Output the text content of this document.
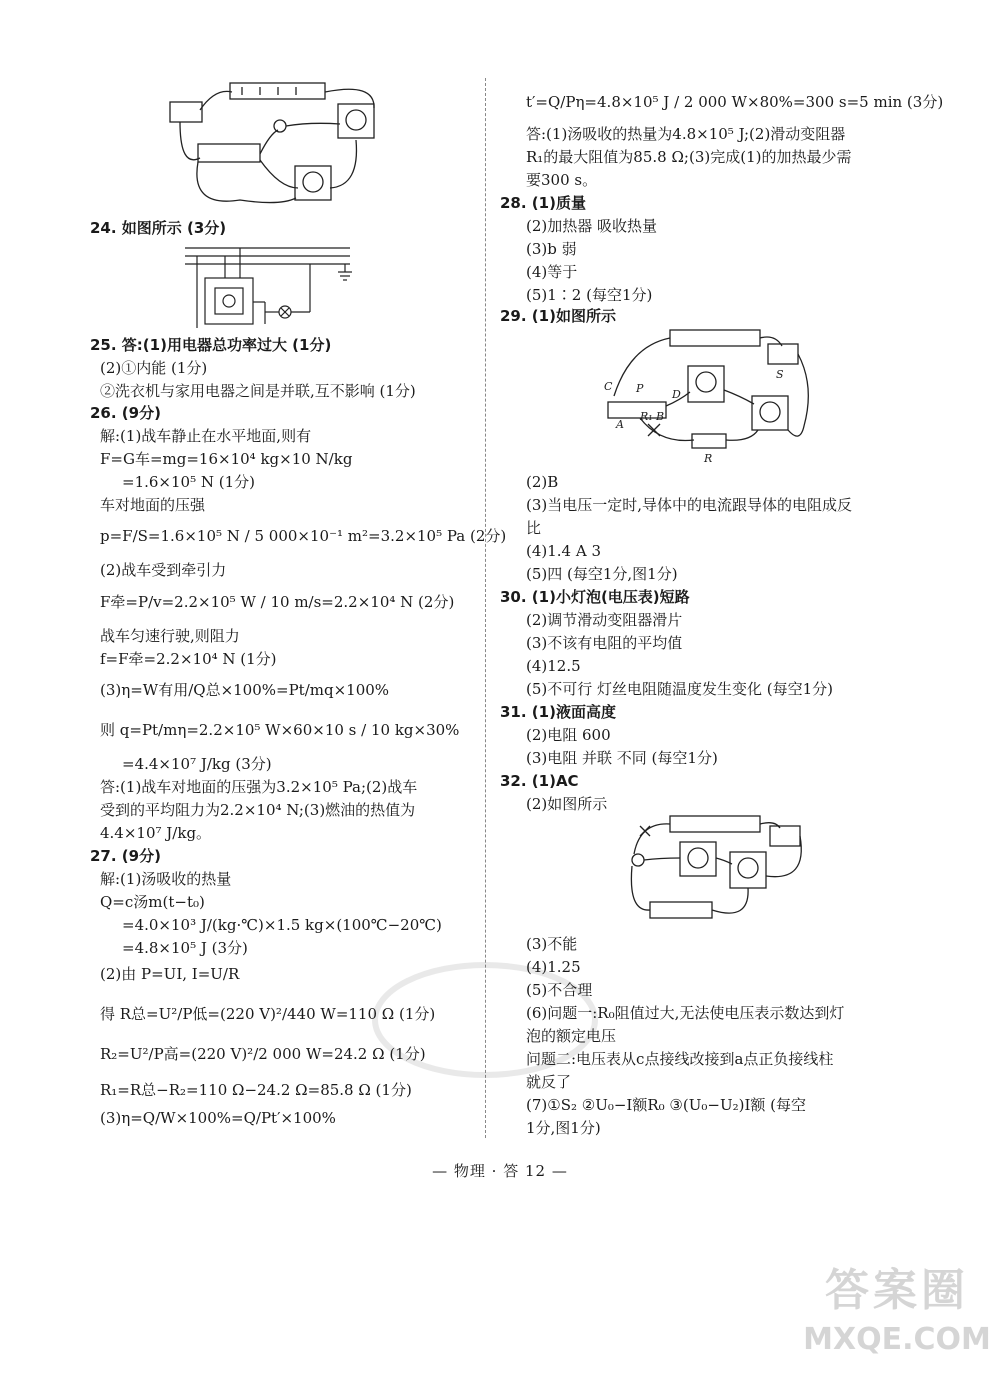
24. 如图所示 (3分)
25. 答:(1)用电器总功率过大 (1分)
(2)①内能 (1分)
②洗衣机与家用电器之间是并联,互不影响 (1分)
26. (9分)
解:(1)战车静止在水平地面,则有
F=G车=mg=16×10⁴ kg×10 N/kg
=1.6×10⁵ N (1分)
车对地面的压强
p=F/S=1.6×10⁵ N / 5 000×10⁻¹ m²=3.2×10⁵ Pa (2分)
(2)战车受到牵引力
F牵=P/v=2.2×10⁵ W / 10 m/s=2.2×10⁴ N (2分)
战车匀速行驶,则阻力
f=F牵=2.2×10⁴ N (1分)
(3)η=W有用/Q总×100%=Pt/mq×100%
则 q=Pt/mη=2.2×10⁵ W×60×10 s / 10 kg×30%
=4.4×10⁷ J/kg (3分)
答:(1)战车对地面的压强为3.2×10⁵ Pa;(2)战车
受到的平均阻力为2.2×10⁴ N;(3)燃油的热值为
4.4×10⁷ J/kg。
27. (9分)
解:(1)汤吸收的热量
Q=c汤m(t−t₀)
=4.0×10³ J/(kg·℃)×1.5 kg×(100℃−20℃)
=4.8×10⁵ J (3分)
(2)由 P=UI, I=U/R
得 R总=U²/P低=(220 V)²/440 W=110 Ω (1分)
R₂=U²/P高=(220 V)²/2 000 W=24.2 Ω (1分)
R₁=R总−R₂=110 Ω−24.2 Ω=85.8 Ω (1分)
(3)η=Q/W×100%=Q/Pt′×100%
t′=Q/Pη=4.8×10⁵ J / 2 000 W×80%=300 s=5 min (3分)
答:(1)汤吸收的热量为4.8×10⁵ J;(2)滑动变阻器
R₁的最大阻值为85.8 Ω;(3)完成(1)的加热最少需
要300 s。
28. (1)质量
(2)加热器 吸收热量
(3)b 弱
(4)等于
(5)1∶2 (每空1分)
29. (1)如图所示
C P	D
A
R₁ B
S
R
(2)B
(3)当电压一定时,导体中的电流跟导体的电阻成反
比
(4)1.4 A 3
(5)四 (每空1分,图1分)
30. (1)小灯泡(电压表)短路
(2)调节滑动变阻器滑片
(3)不该有电阻的平均值
(4)12.5
(5)不可行 灯丝电阻随温度发生变化 (每空1分)
31. (1)液面高度
(2)电阻 600
(3)电阻 并联 不同 (每空1分)
32. (1)AC
(2)如图所示
(3)不能
(4)1.25
(5)不合理
(6)问题一:R₀阻值过大,无法使电压表示数达到灯
泡的额定电压
问题二:电压表从c点接线改接到a点正负接线柱
就反了
(7)①S₂ ②U₀−I额R₀ ③(U₀−U₂)I额 (每空
1分,图1分)
— 物理 · 答 12 —
答案圈
MXQE.COM
